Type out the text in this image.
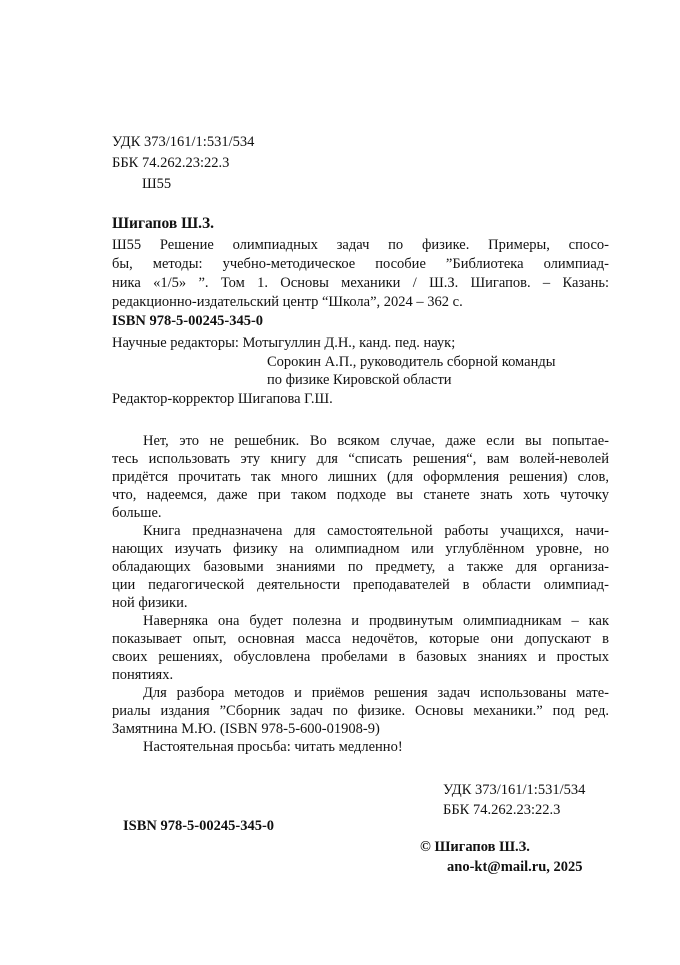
УДК 373/161/1:531/534
ББК 74.262.23:22.3
Ш55
Шигапов Ш.З.
Ш55 Решение олимпиадных задач по физике. Примеры, спосо-
бы, методы: учебно-методическое пособие ”Библиотека олимпиад-
ника «1/5» ”. Том 1. Основы механики / Ш.З. Шигапов. – Казань:
редакционно-издательский центр “Школа”, 2024 – 362 с.
ISBN 978-5-00245-345-0
Научные редакторы: Мотыгуллин Д.Н., канд. пед. наук;
Сорокин А.П., руководитель сборной команды
по физике Кировской области
Редактор-корректор Шигапова Г.Ш.
Нет, это не решебник. Во всяком случае, даже если вы попытае-
тесь использовать эту книгу для “списать решения“, вам волей-неволей
придётся прочитать так много лишних (для оформления решения) слов,
что, надеемся, даже при таком подходе вы станете знать хоть чуточку
больше.
Книга предназначена для самостоятельной работы учащихся, начи-
нающих изучать физику на олимпиадном или углублённом уровне, но
обладающих базовыми знаниями по предмету, а также для организа-
ции педагогической деятельности преподавателей в области олимпиад-
ной физики.
Наверняка она будет полезна и продвинутым олимпиадникам – как
показывает опыт, основная масса недочётов, которые они допускают в
своих решениях, обусловлена пробелами в базовых знаниях и простых
понятиях.
Для разбора методов и приёмов решения задач использованы мате-
риалы издания ”Сборник задач по физике. Основы механики.” под ред.
Замятнина М.Ю. (ISBN 978-5-600-01908-9)
Настоятельная просьба: читать медленно!
УДК 373/161/1:531/534
ББК 74.262.23:22.3
ISBN 978-5-00245-345-0
© Шигапов Ш.З.
ano-kt@mail.ru, 2025
